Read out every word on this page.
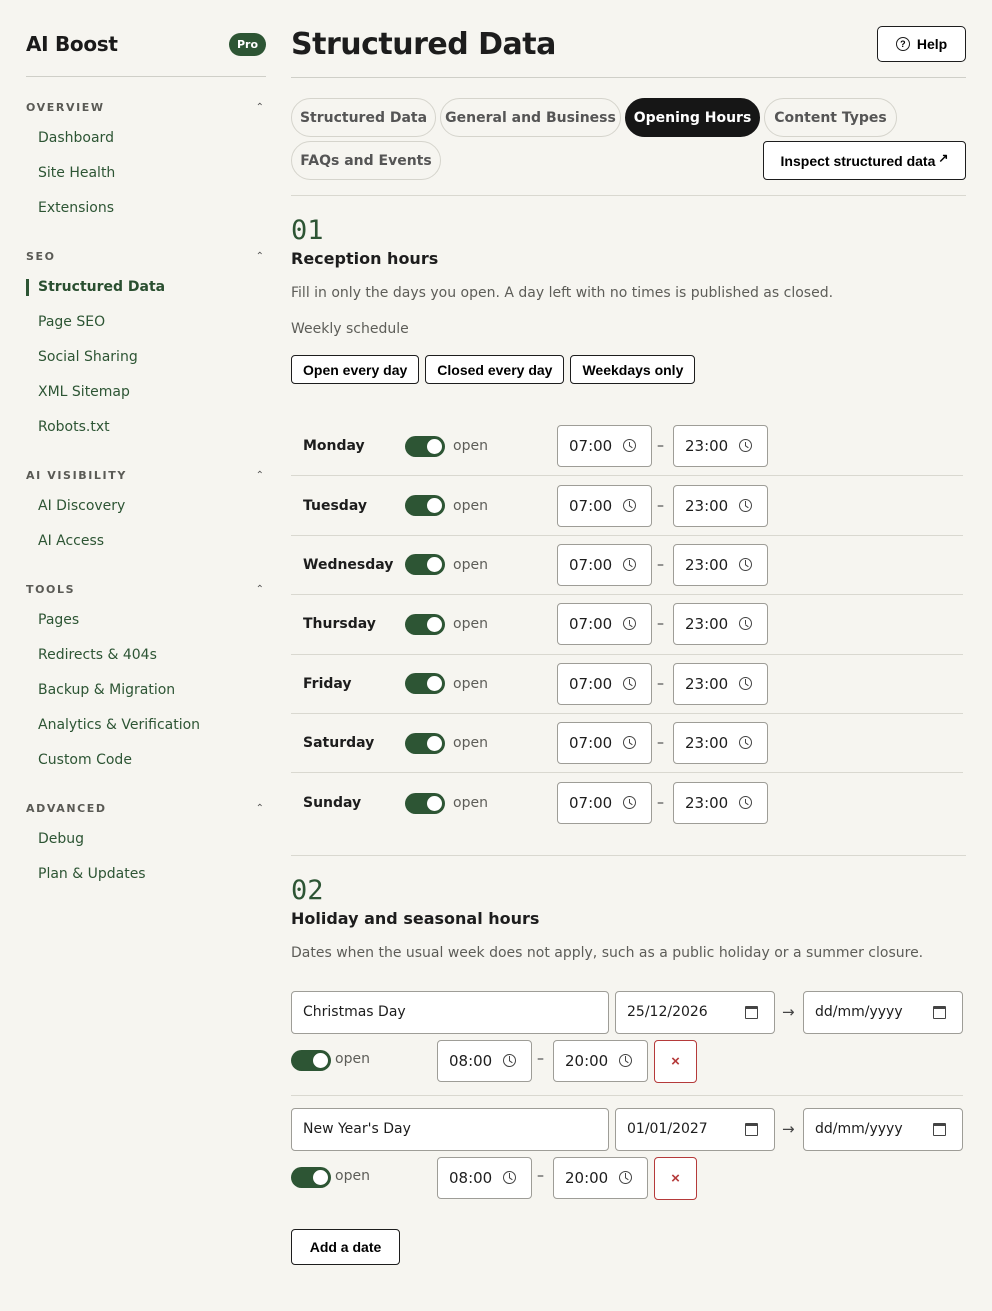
AI Boost	Pro
OVERVIEW	⌃
Dashboard
Site Health
Extensions
SEO	⌃
Structured Data
Page SEO
Social Sharing
XML Sitemap
Robots.txt
AI VISIBILITY	⌃
AI Discovery
AI Access
TOOLS	⌃
Pages
Redirects & 404s
Backup & Migration
Analytics & Verification
Custom Code
ADVANCED	⌃
Debug
Plan & Updates
Structured Data	? Help
Structured Data	General and Business	Opening Hours	Content Types
FAQs and Events	Inspect structured data ↗
01
Reception hours
Fill in only the days you open. A day left with no times is published as closed.
Weekly schedule
Open every day	Closed every day	Weekdays only
Monday	open	07:00	– 23:00
Tuesday	open	07:00	– 23:00
Wednesday	open	07:00	– 23:00
Thursday	open	07:00	– 23:00
Friday	open	07:00	– 23:00
Saturday	open	07:00	– 23:00
Sunday	open	07:00	– 23:00
02
Holiday and seasonal hours
Dates when the usual week does not apply, such as a public holiday or a summer closure.
Christmas Day	25/12/2026	→ dd/mm/yyyy
open	08:00	– 20:00	×
New Year's Day	01/01/2027	→ dd/mm/yyyy
open	08:00	– 20:00	×
Add a date
